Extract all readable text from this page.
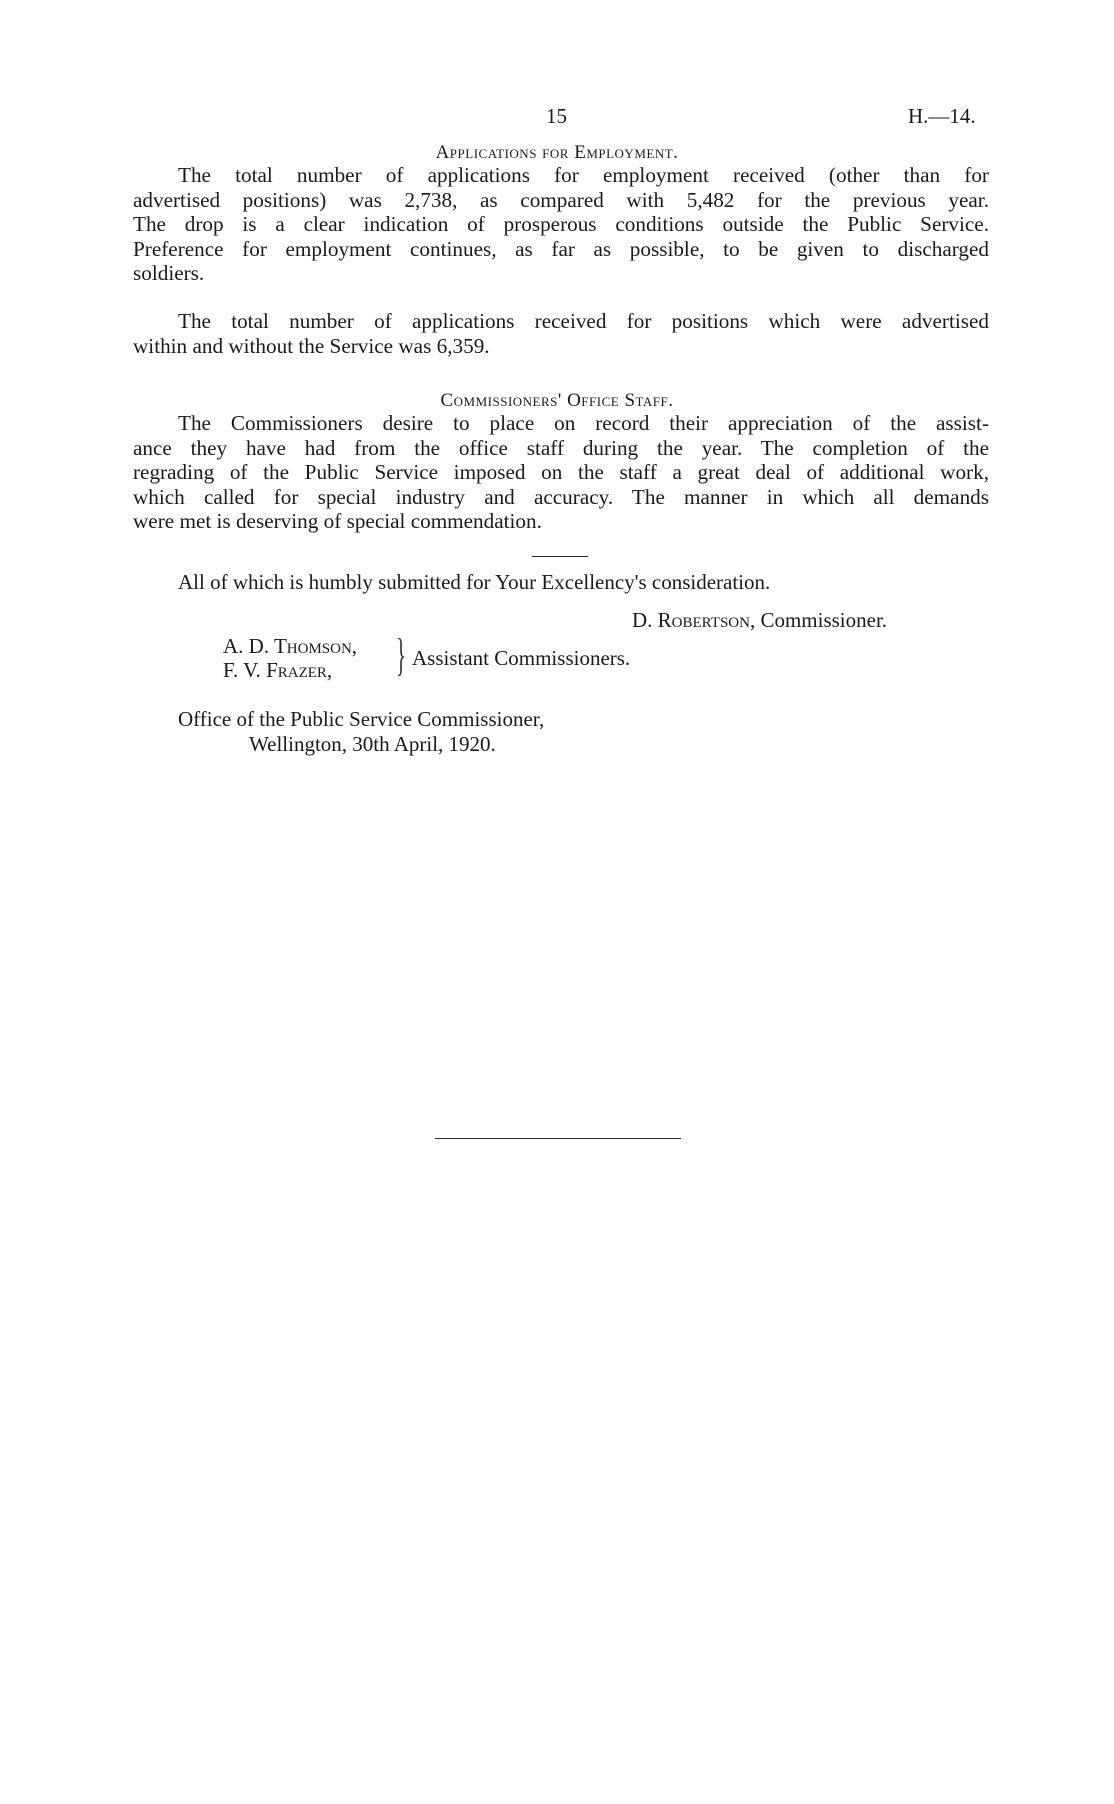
15	H.—14.
Applications for Employment.
The total number of applications for employment received (other than for
advertised positions) was 2,738, as compared with 5,482 for the previous year.
The drop is a clear indication of prosperous conditions outside the Public Service.
Preference for employment continues, as far as possible, to be given to discharged
soldiers.
The total number of applications received for positions which were advertised
within and without the Service was 6,359.
Commissioners' Office Staff.
The Commissioners desire to place on record their appreciation of the assist-
ance they have had from the office staff during the year. The completion of the
regrading of the Public Service imposed on the staff a great deal of additional work,
which called for special industry and accuracy. The manner in which all demands
were met is deserving of special commendation.
All of which is humbly submitted for Your Excellency's consideration.
D. Robertson, Commissioner.
A. D. Thomson,
F. V. Frazer, } Assistant Commissioners.
Office of the Public Service Commissioner,
Wellington, 30th April, 1920.
